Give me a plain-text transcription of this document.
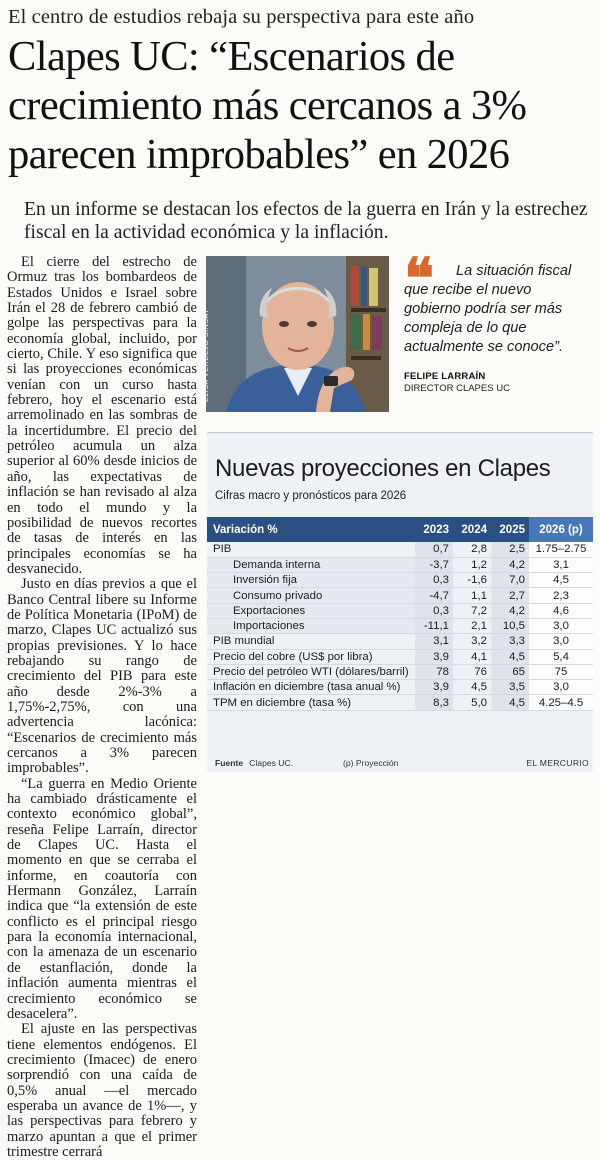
El centro de estudios rebaja su perspectiva para este año
Clapes UC: “Escenarios de crecimiento más cercanos a 3% parecen improbables” en 2026
En un informe se destacan los efectos de la guerra en Irán y la estrechez fiscal en la actividad económica y la inflación.

El cierre del estrecho de Ormuz tras los bombardeos de Estados Unidos e Israel sobre Irán el 28 de febrero cambió de golpe las perspectivas para la economía global, incluido, por cierto, Chile. Y eso significa que si las proyecciones económicas venían con un curso hasta febrero, hoy el escenario está arremolinado en las sombras de la incertidumbre. El precio del petróleo acumula un alza superior al 60% desde inicios de año, las expectativas de inflación se han revisado al alza en todo el mundo y la posibilidad de nuevos recortes de tasas de interés en las principales economías se ha desvanecido.

Justo en días previos a que el Banco Central libere su Informe de Política Monetaria (IPoM) de marzo, Clapes UC actualizó sus propias previsiones. Y lo hace rebajando su rango de crecimiento del PIB para este año desde 2%-3% a 1,75%-2,75%, con una advertencia lacónica: “Escenarios de crecimiento más cercanos a 3% parecen improbables”.

“La guerra en Medio Oriente ha cambiado drásticamente el contexto económico global”, reseña Felipe Larraín, director de Clapes UC. Hasta el momento en que se cerraba el informe, en coautoría con Hermann González, Larraín indica que “la extensión de este conflicto es el principal riesgo para la economía internacional, con la amenaza de un escenario de estanflación, donde la inflación aumenta mientras el crecimiento económico se desacelera”.

El ajuste en las perspectivas tiene elementos endógenos. El crecimiento (Imacec) de enero sorprendió con una caída de 0,5% anual —el mercado esperaba un avance de 1%—, y las perspectivas para febrero y marzo apuntan a que el primer trimestre cerrará

ELISA VERDEJO SINSAY
❝	La situación fiscal que recibe el nuevo gobierno podría ser más compleja de lo que actualmente se conoce”.
FELIPE LARRAÍN
DIRECTOR CLAPES UC
Nuevas proyecciones en Clapes
Cifras macro y pronósticos para 2026
Variación %	2023	2024	2025	2026 (p)
PIB	0,7	2,8	2,5	1.75–2.75
Demanda interna	-3,7	1,2	4,2	3,1
Inversión fija	0,3	-1,6	7,0	4,5
Consumo privado	-4,7	1,1	2,7	2,3
Exportaciones	0,3	7,2	4,2	4,6
Importaciones	-11,1	2,1	10,5	3,0
PIB mundial	3,1	3,2	3,3	3,0
Precio del cobre (US$ por libra)	3,9	4,1	4,5	5,4
Precio del petróleo WTI (dólares/barril)	78	76	65	75
Inflación en diciembre (tasa anual %)	3,9	4,5	3,5	3,0
TPM en diciembre (tasa %)	8,3	5,0	4,5	4.25–4.5
Fuente Clapes UC.	(p) Proyección	EL MERCURIO
